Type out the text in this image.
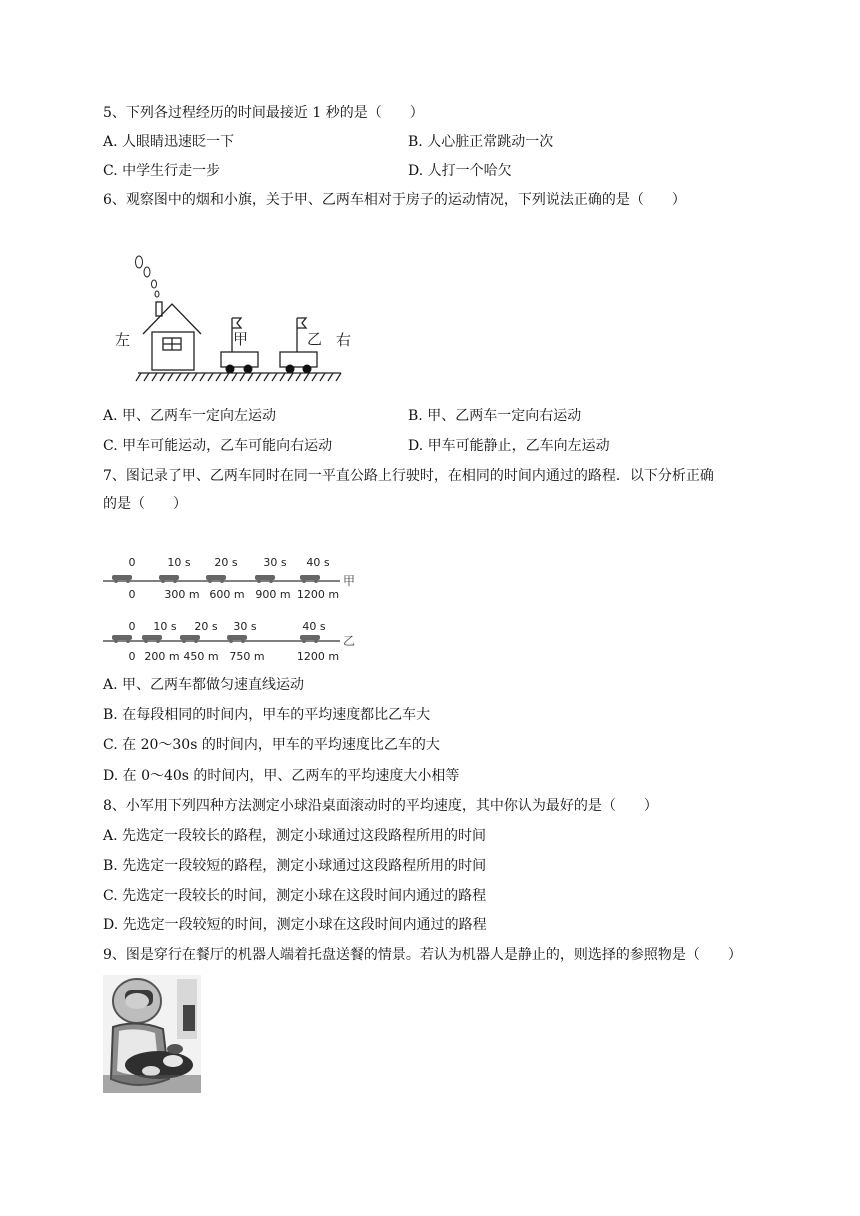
5、下列各过程经历的时间最接近 1 秒的是（　　）
A. 人眼睛迅速眨一下	B. 人心脏正常跳动一次
C. 中学生行走一步	D. 人打一个哈欠
6、观察图中的烟和小旗，关于甲、乙两车相对于房子的运动情况，下列说法正确的是（　　）
左	甲	乙 右
A. 甲、乙两车一定向左运动	B. 甲、乙两车一定向右运动
C. 甲车可能运动，乙车可能向右运动	D. 甲车可能静止，乙车向左运动
7、图记录了甲、乙两车同时在同一平直公路上行驶时，在相同的时间内通过的路程．以下分析正确
的是（　　）
甲
0	10 s 20 s 30 s 40 s
0	300 m 600 m 900 m 1200 m
乙
0 10 s 20 s 30 s	40 s
0 200 m 450 m 750 m	1200 m
A. 甲、乙两车都做匀速直线运动
B. 在每段相同的时间内，甲车的平均速度都比乙车大
C. 在 20～30s 的时间内，甲车的平均速度比乙车的大
D. 在 0～40s 的时间内，甲、乙两车的平均速度大小相等
8、小军用下列四种方法测定小球沿桌面滚动时的平均速度，其中你认为最好的是（　　）
A. 先选定一段较长的路程，测定小球通过这段路程所用的时间
B. 先选定一段较短的路程，测定小球通过这段路程所用的时间
C. 先选定一段较长的时间，测定小球在这段时间内通过的路程
D. 先选定一段较短的时间，测定小球在这段时间内通过的路程
9、图是穿行在餐厅的机器人端着托盘送餐的情景。若认为机器人是静止的，则选择的参照物是（　　）
